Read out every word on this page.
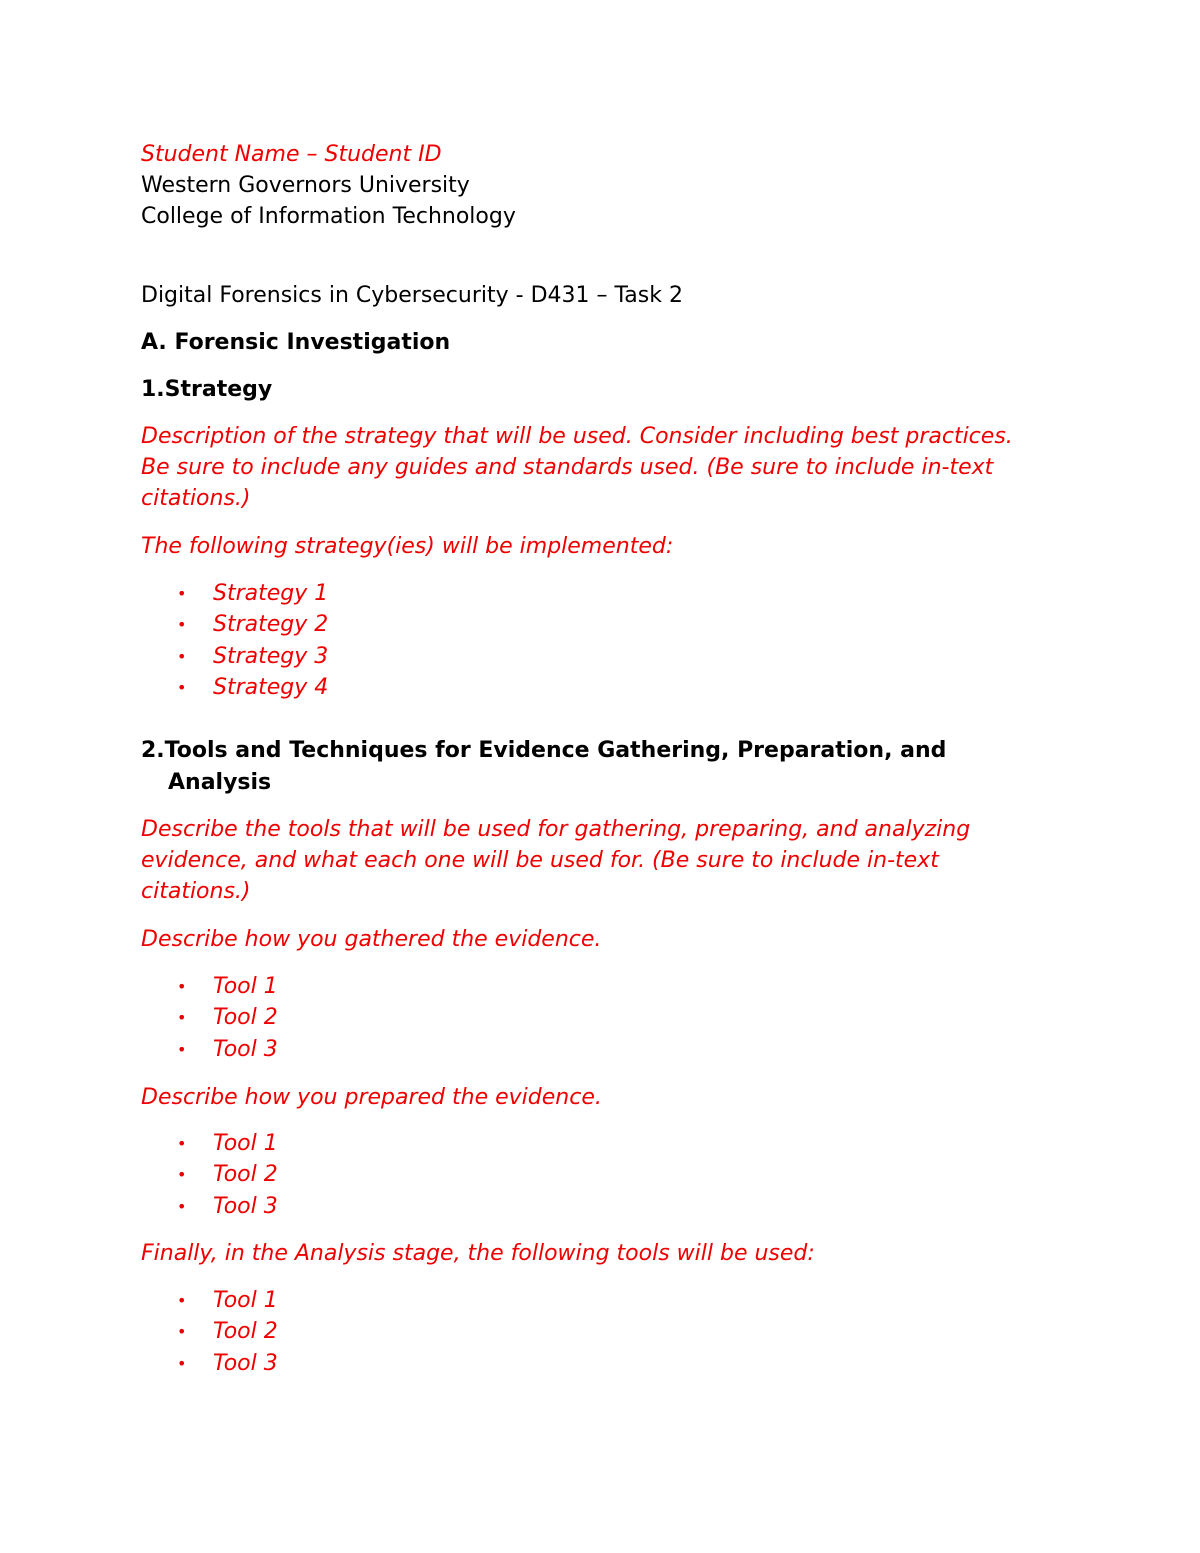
Student Name – Student ID

Western Governors University

College of Information Technology

Digital Forensics in Cybersecurity - D431 – Task 2

A. Forensic Investigation

1.Strategy

Description of the strategy that will be used. Consider including best practices. Be sure to include any guides and standards used. (Be sure to include in-text citations.)

The following strategy(ies) will be implemented:

• Strategy 1
• Strategy 2
• Strategy 3
• Strategy 4

2.Tools and Techniques for Evidence Gathering, Preparation, and Analysis

Describe the tools that will be used for gathering, preparing, and analyzing evidence, and what each one will be used for. (Be sure to include in-text citations.)

Describe how you gathered the evidence.

• Tool 1
• Tool 2
• Tool 3

Describe how you prepared the evidence.

• Tool 1
• Tool 2
• Tool 3

Finally, in the Analysis stage, the following tools will be used:

• Tool 1
• Tool 2
• Tool 3
